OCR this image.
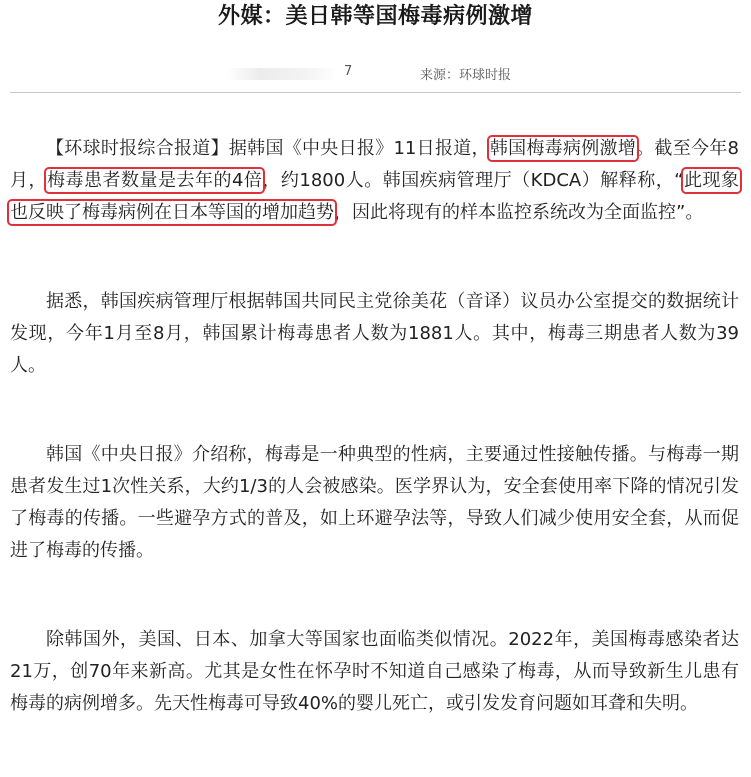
外媒：美日韩等国梅毒病例激增
7	来源：环球时报

【环球时报综合报道】据韩国《中央日报》11日报道，韩国梅毒病例激增。截至今年8月，梅毒患者数量是去年的4倍，约1800人。韩国疾病管理厅（KDCA）解释称，“此现象也反映了梅毒病例在日本等国的增加趋势，因此将现有的样本监控系统改为全面监控”。

据悉，韩国疾病管理厅根据韩国共同民主党徐美花（音译）议员办公室提交的数据统计发现，今年1月至8月，韩国累计梅毒患者人数为1881人。其中，梅毒三期患者人数为39人。

韩国《中央日报》介绍称，梅毒是一种典型的性病，主要通过性接触传播。与梅毒一期患者发生过1次性关系，大约1/3的人会被感染。医学界认为，安全套使用率下降的情况引发了梅毒的传播。一些避孕方式的普及，如上环避孕法等，导致人们减少使用安全套，从而促进了梅毒的传播。

除韩国外，美国、日本、加拿大等国家也面临类似情况。2022年，美国梅毒感染者达21万，创70年来新高。尤其是女性在怀孕时不知道自己感染了梅毒，从而导致新生儿患有梅毒的病例增多。先天性梅毒可导致40%的婴儿死亡，或引发发育问题如耳聋和失明。
